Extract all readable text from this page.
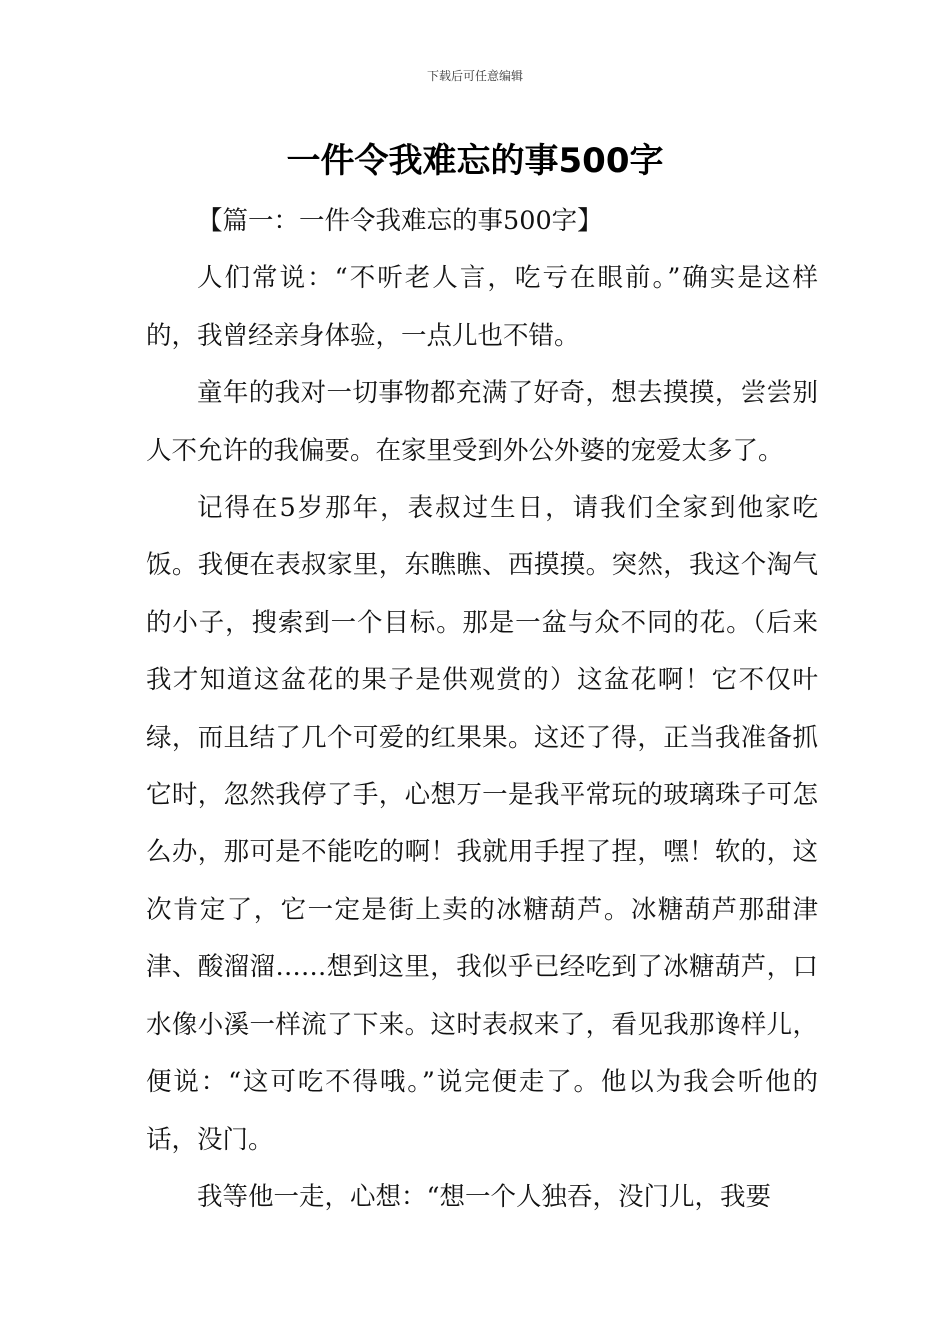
下载后可任意编辑
一件令我难忘的事500字

【篇一：一件令我难忘的事500字】

人们常说：“不听老人言，吃亏在眼前。”确实是这样的，我曾经亲身体验，一点儿也不错。

童年的我对一切事物都充满了好奇，想去摸摸，尝尝别人不允许的我偏要。在家里受到外公外婆的宠爱太多了。

记得在5岁那年，表叔过生日，请我们全家到他家吃饭。我便在表叔家里，东瞧瞧、西摸摸。突然，我这个淘气的小子，搜索到一个目标。那是一盆与众不同的花。（后来我才知道这盆花的果子是供观赏的）这盆花啊！它不仅叶绿，而且结了几个可爱的红果果。这还了得，正当我准备抓它时，忽然我停了手，心想万一是我平常玩的玻璃珠子可怎么办，那可是不能吃的啊！我就用手捏了捏，嘿！软的，这次肯定了，它一定是街上卖的冰糖葫芦。冰糖葫芦那甜津津、酸溜溜……想到这里，我似乎已经吃到了冰糖葫芦，口水像小溪一样流了下来。这时表叔来了，看见我那谗样儿，便说：“这可吃不得哦。”说完便走了。他以为我会听他的话，没门。

我等他一走，心想：“想一个人独吞，没门儿，我要
